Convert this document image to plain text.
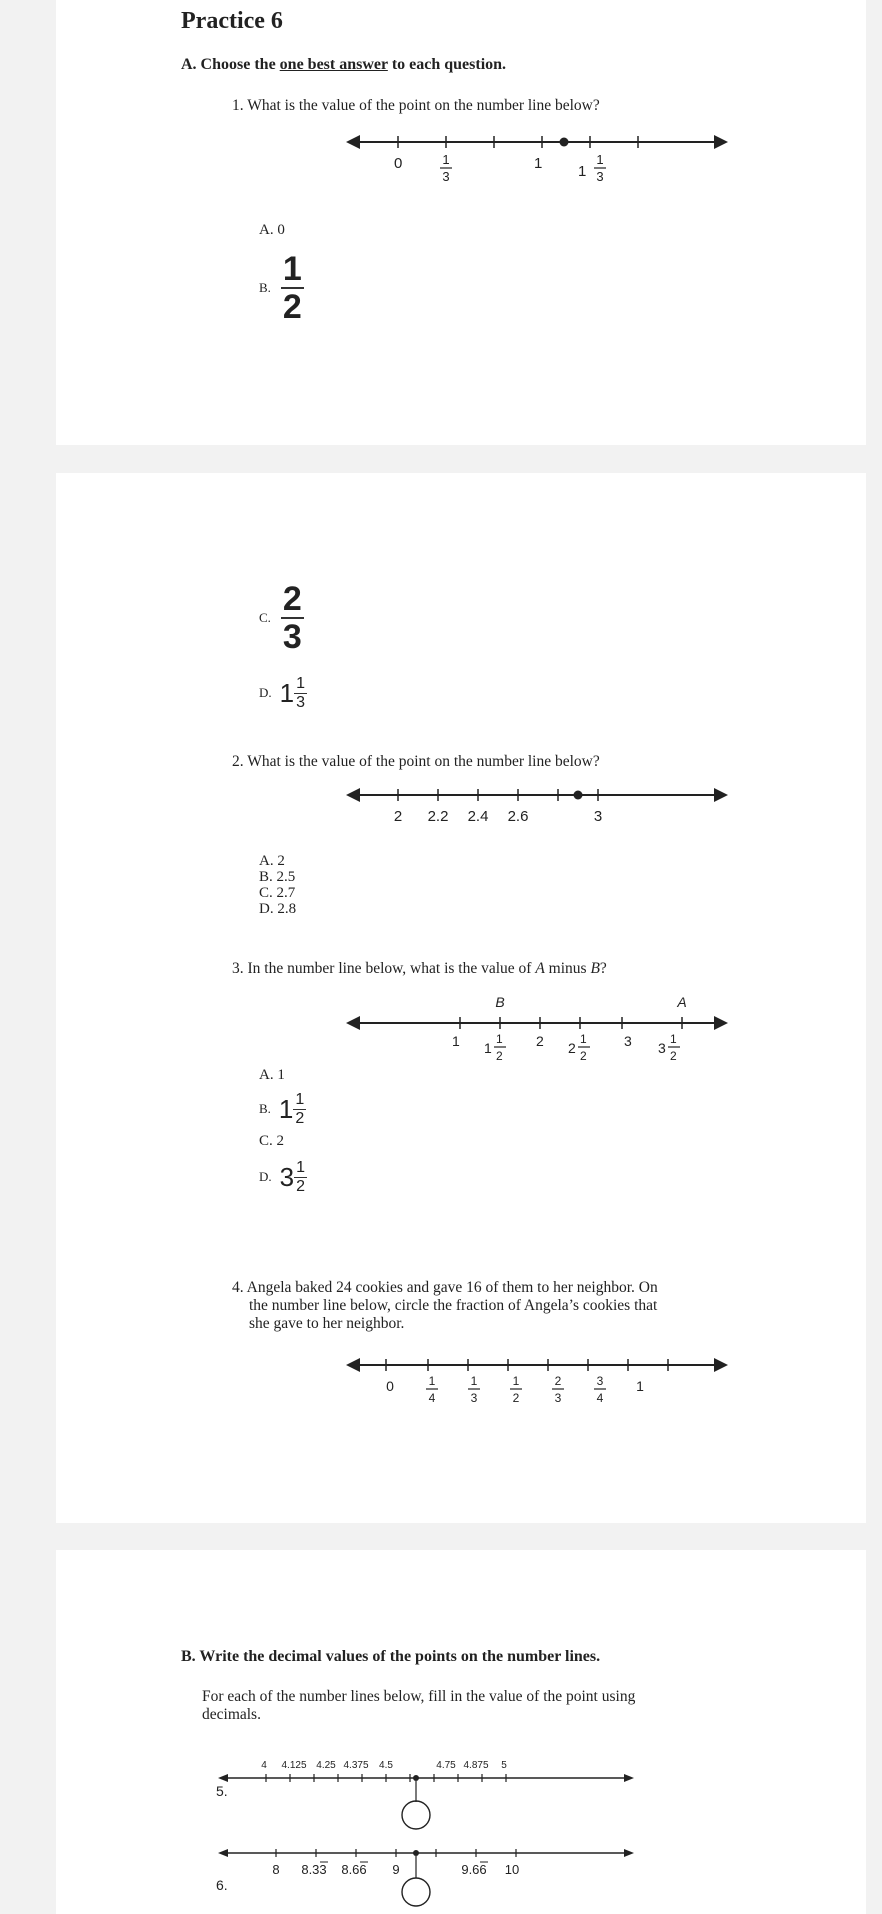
Practice 6
A. Choose the one best answer to each question.
1. What is the value of the point on the number line below?
0	1 1
1
3
1
3
A. 0
B. $\frac{1}{2}$
C. $\frac{2}{3}$
D. $1 \frac{1}{3}$
2. What is the value of the point on the number line below?
2 2.2 2.4 2.6	3
A. 2
B. 2.5
C. 2.7
D. 2.8
3. In the number line below, what is the value of A minus B?
B	A
1 1
1
2
2 2
1
2
3 3
1
2
A. 1
B. $1 \frac{1}{2}$
C. 2
D. $3 \frac{1}{2}$
4. Angela baked 24 cookies and gave 16 of them to her neighbor. On
the number line below, circle the fraction of Angela’s cookies that
she gave to her neighbor.
0	1
4
1
3
1
2
2
3
3
4
1
B. Write the decimal values of the points on the number lines.
For each of the number lines below, fill in the value of the point using
decimals.
5.
4 4.125 4.25 4.375 4.5	4.75 4.875 5
6.
8 8.33 8.66 9	9.66 10
